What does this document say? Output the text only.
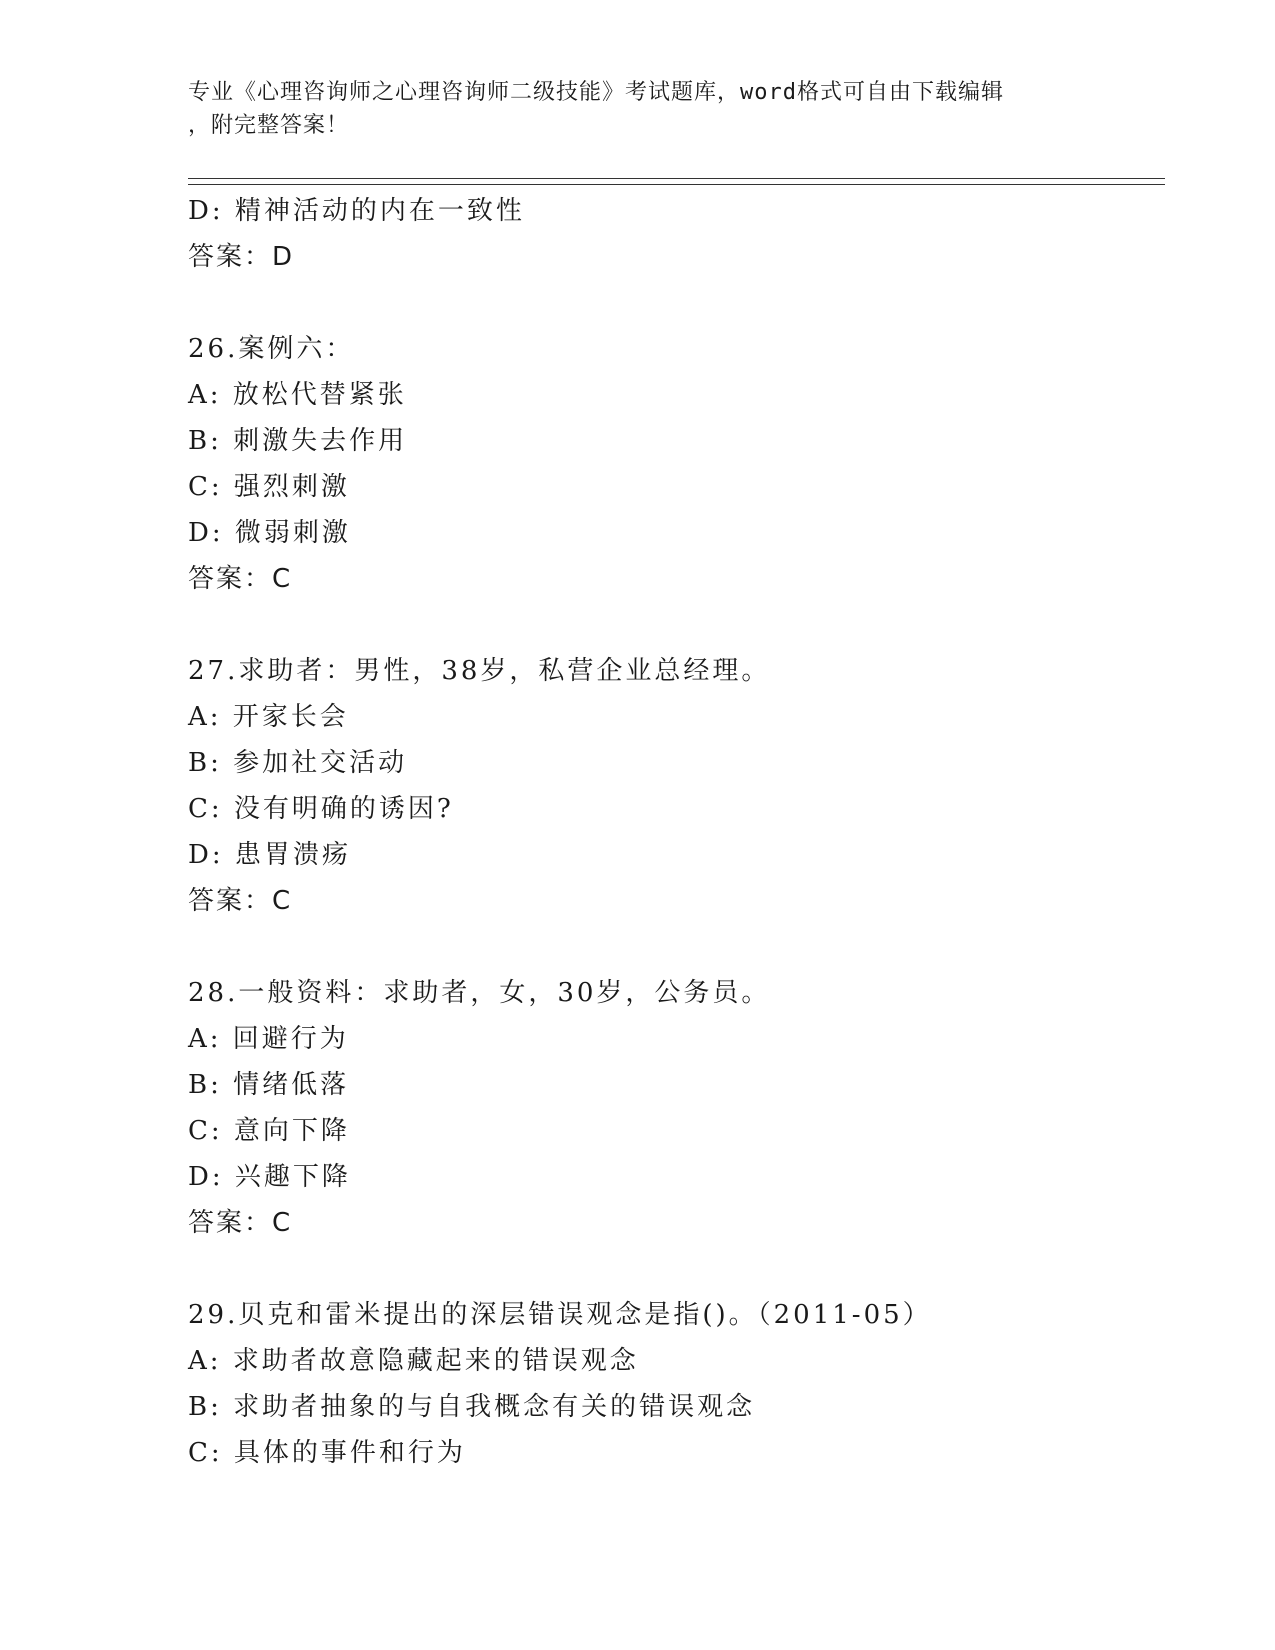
专业《心理咨询师之心理咨询师二级技能》考试题库，word格式可自由下载编辑
，附完整答案！
D: 精神活动的内在一致性
答案：D
26.案例六：
A: 放松代替紧张
B: 刺激失去作用
C: 强烈刺激
D: 微弱刺激
答案：C
27.求助者：男性，38岁，私营企业总经理。
A: 开家长会
B: 参加社交活动
C: 没有明确的诱因?
D: 患胃溃疡
答案：C
28.一般资料：求助者，女，30岁，公务员。
A: 回避行为
B: 情绪低落
C: 意向下降
D: 兴趣下降
答案：C
29.贝克和雷米提出的深层错误观念是指()。（2011-05）
A: 求助者故意隐藏起来的错误观念
B: 求助者抽象的与自我概念有关的错误观念
C: 具体的事件和行为
